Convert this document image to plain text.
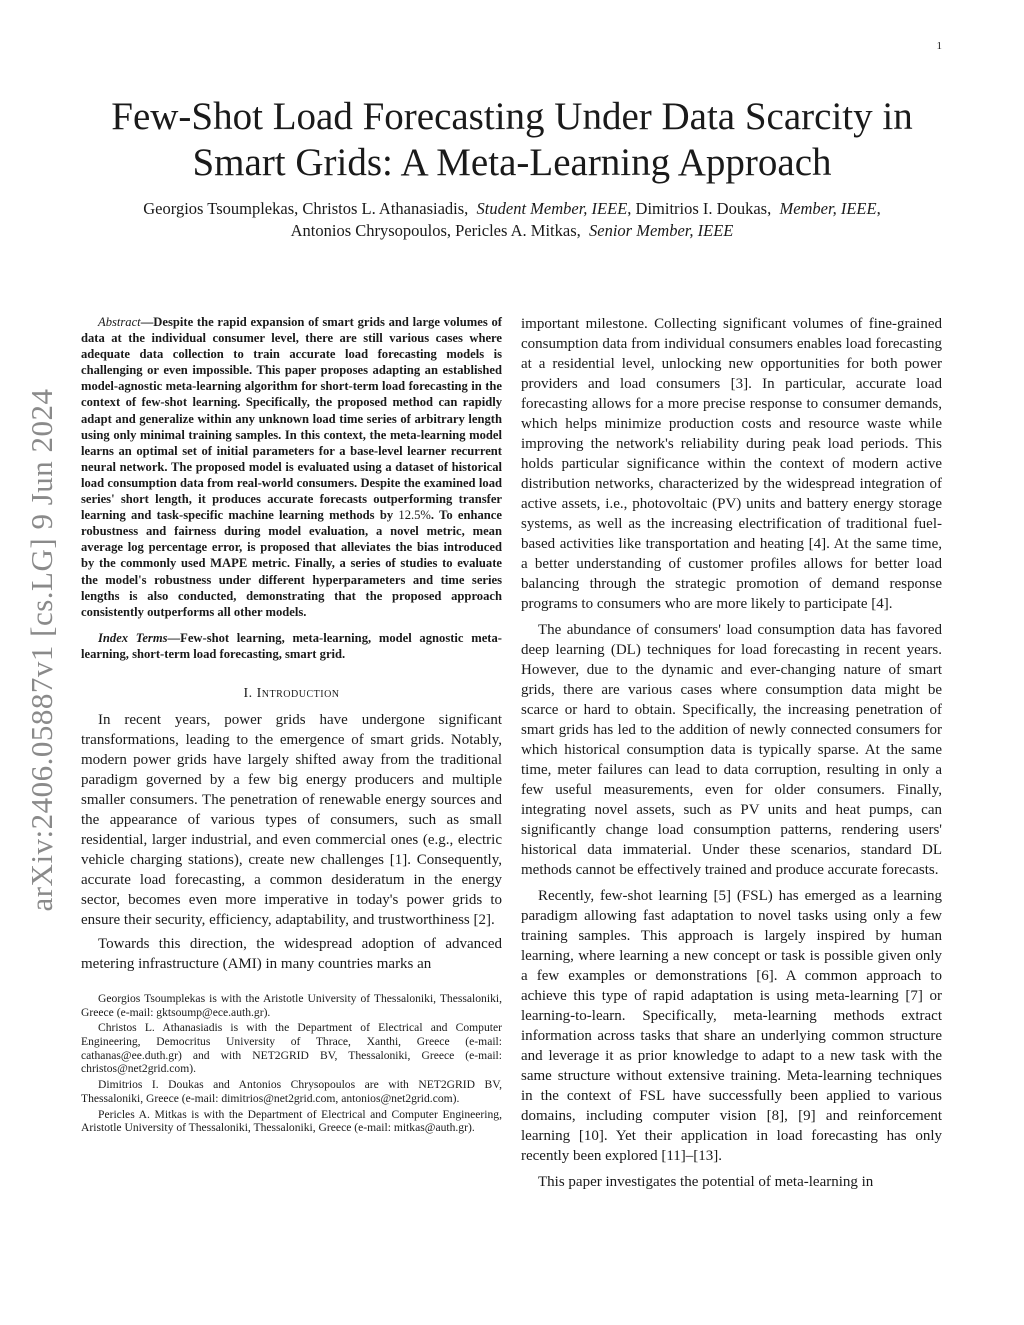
1
arXiv:2406.05887v1 [cs.LG] 9 Jun 2024
Few-Shot Load Forecasting Under Data Scarcity in
Smart Grids: A Meta-Learning Approach
Georgios Tsoumplekas, Christos L. Athanasiadis, Student Member, IEEE, Dimitrios I. Doukas, Member, IEEE,
Antonios Chrysopoulos, Pericles A. Mitkas, Senior Member, IEEE

Abstract—Despite the rapid expansion of smart grids and large volumes of data at the individual consumer level, there are still various cases where adequate data collection to train accurate load forecasting models is challenging or even impossible. This paper proposes adapting an established model-agnostic meta-learning algorithm for short-term load forecasting in the context of few-shot learning. Specifically, the proposed method can rapidly adapt and generalize within any unknown load time series of arbitrary length using only minimal training samples. In this context, the meta-learning model learns an optimal set of initial parameters for a base-level learner recurrent neural network. The proposed model is evaluated using a dataset of historical load consumption data from real-world consumers. Despite the examined load series' short length, it produces accurate forecasts outperforming transfer learning and task-specific machine learning methods by 12.5%. To enhance robustness and fairness during model evaluation, a novel metric, mean average log percentage error, is proposed that alleviates the bias introduced by the commonly used MAPE metric. Finally, a series of studies to evaluate the model's robustness under different hyperparameters and time series lengths is also conducted, demonstrating that the proposed approach consistently outperforms all other models.

Index Terms—Few-shot learning, meta-learning, model agnostic meta-learning, short-term load forecasting, smart grid.

I. Introduction

In recent years, power grids have undergone significant transformations, leading to the emergence of smart grids. Notably, modern power grids have largely shifted away from the traditional paradigm governed by a few big energy producers and multiple smaller consumers. The penetration of renewable energy sources and the appearance of various types of consumers, such as small residential, larger industrial, and even commercial ones (e.g., electric vehicle charging stations), create new challenges [1]. Consequently, accurate load forecasting, a common desideratum in the energy sector, becomes even more imperative in today's power grids to ensure their security, efficiency, adaptability, and trustworthiness [2].

Towards this direction, the widespread adoption of advanced metering infrastructure (AMI) in many countries marks an

Georgios Tsoumplekas is with the Aristotle University of Thessaloniki, Thessaloniki, Greece (e-mail: gktsoump@ece.auth.gr).

Christos L. Athanasiadis is with the Department of Electrical and Computer Engineering, Democritus University of Thrace, Xanthi, Greece (e-mail: cathanas@ee.duth.gr) and with NET2GRID BV, Thessaloniki, Greece (e-mail: christos@net2grid.com).

Dimitrios I. Doukas and Antonios Chrysopoulos are with NET2GRID BV, Thessaloniki, Greece (e-mail: dimitrios@net2grid.com, antonios@net2grid.com).

Pericles A. Mitkas is with the Department of Electrical and Computer Engineering, Aristotle University of Thessaloniki, Thessaloniki, Greece (e-mail: mitkas@auth.gr).

important milestone. Collecting significant volumes of fine-grained consumption data from individual consumers enables load forecasting at a residential level, unlocking new opportunities for both power providers and load consumers [3]. In particular, accurate load forecasting allows for a more precise response to consumer demands, which helps minimize production costs and resource waste while improving the network's reliability during peak load periods. This holds particular significance within the context of modern active distribution networks, characterized by the widespread integration of active assets, i.e., photovoltaic (PV) units and battery energy storage systems, as well as the increasing electrification of traditional fuel-based activities like transportation and heating [4]. At the same time, a better understanding of customer profiles allows for better load balancing through the strategic promotion of demand response programs to consumers who are more likely to participate [4].

The abundance of consumers' load consumption data has favored deep learning (DL) techniques for load forecasting in recent years. However, due to the dynamic and ever-changing nature of smart grids, there are various cases where consumption data might be scarce or hard to obtain. Specifically, the increasing penetration of smart grids has led to the addition of newly connected consumers for which historical consumption data is typically sparse. At the same time, meter failures can lead to data corruption, resulting in only a few useful measurements, even for older consumers. Finally, integrating novel assets, such as PV units and heat pumps, can significantly change load consumption patterns, rendering users' historical data immaterial. Under these scenarios, standard DL methods cannot be effectively trained and produce accurate forecasts.

Recently, few-shot learning [5] (FSL) has emerged as a learning paradigm allowing fast adaptation to novel tasks using only a few training samples. This approach is largely inspired by human learning, where learning a new concept or task is possible given only a few examples or demonstrations [6]. A common approach to achieve this type of rapid adaptation is using meta-learning [7] or learning-to-learn. Specifically, meta-learning methods extract information across tasks that share an underlying common structure and leverage it as prior knowledge to adapt to a new task with the same structure without extensive training. Meta-learning techniques in the context of FSL have successfully been applied to various domains, including computer vision [8], [9] and reinforcement learning [10]. Yet their application in load forecasting has only recently been explored [11]–[13].

This paper investigates the potential of meta-learning in
